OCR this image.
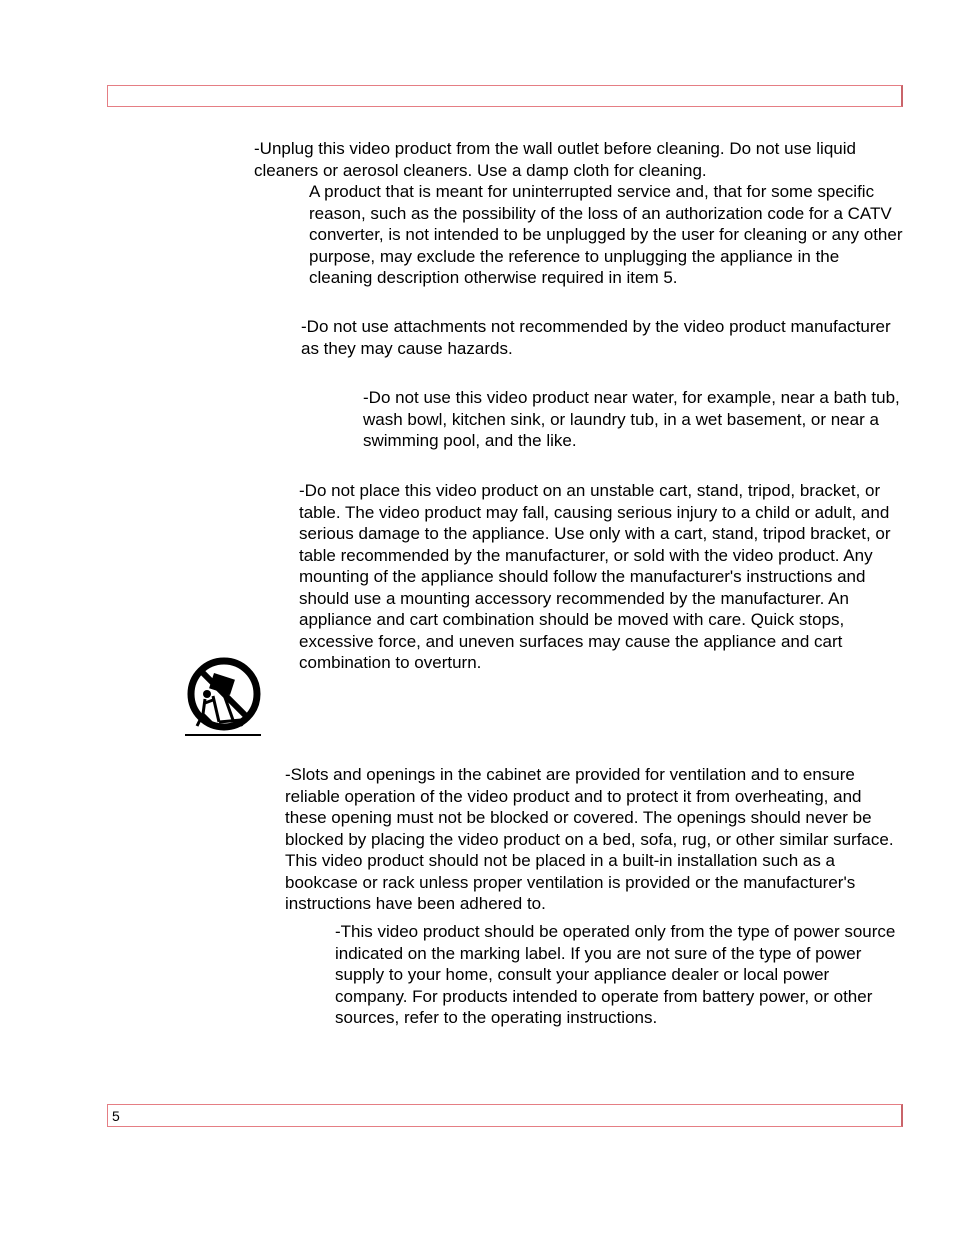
-Unplug this video product from the wall outlet before cleaning. Do not use liquid cleaners or aerosol cleaners. Use a damp cloth for cleaning.

A product that is meant for uninterrupted service and, that for some specific reason, such as the possibility of the loss of an authorization code for a CATV converter, is not intended to be unplugged by the user for cleaning or any other purpose, may exclude the reference to unplugging the appliance in the cleaning description otherwise required in item 5.

-Do not use attachments not recommended by the video product manufacturer as they may cause hazards.

-Do not use this video product near water, for example, near a bath tub, wash bowl, kitchen sink, or laundry tub, in a wet basement, or near a swimming pool, and the like.

-Do not place this video product on an unstable cart, stand, tripod, bracket, or table. The video product may fall, causing serious injury to a child or adult, and serious damage to the appliance. Use only with a cart, stand, tripod bracket, or table recommended by the manufacturer, or sold with the video product. Any mounting of the appliance should follow the manufacturer's instructions and should use a mounting accessory recommended by the manufacturer. An appliance and cart combination should be moved with care. Quick stops, excessive force, and uneven surfaces may cause the appliance and cart combination to overturn.

-Slots and openings in the cabinet are provided for ventilation and to ensure reliable operation of the video product and to protect it from overheating, and these opening must not be blocked or covered. The openings should never be blocked by placing the video product on a bed, sofa, rug, or other similar surface. This video product should not be placed in a built-in installation such as a bookcase or rack unless proper ventilation is provided or the manufacturer's instructions have been adhered to.

-This video product should be operated only from the type of power source indicated on the marking label. If you are not sure of the type of power supply to your home, consult your appliance dealer or local power company. For products intended to operate from battery power, or other sources, refer to the operating instructions.

5
